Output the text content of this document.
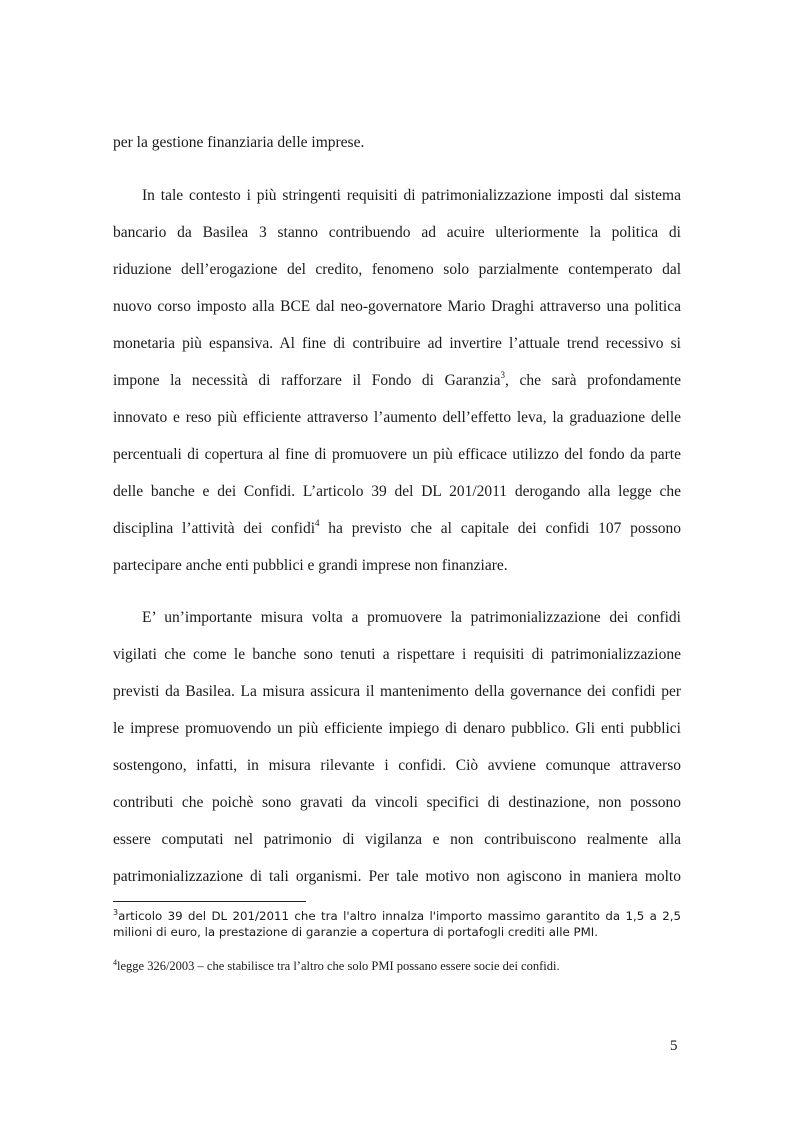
per la gestione finanziaria delle imprese.
In tale contesto i più stringenti requisiti di patrimonializzazione imposti dal sistema
bancario da Basilea 3 stanno contribuendo ad acuire ulteriormente la politica di
riduzione dell’erogazione del credito, fenomeno solo parzialmente contemperato dal
nuovo corso imposto alla BCE dal neo-governatore Mario Draghi attraverso una politica
monetaria più espansiva. Al fine di contribuire ad invertire l’attuale trend recessivo si
impone la necessità di rafforzare il Fondo di Garanzia$^3$, che sarà profondamente
innovato e reso più efficiente attraverso l’aumento dell’effetto leva, la graduazione delle
percentuali di copertura al fine di promuovere un più efficace utilizzo del fondo da parte
delle banche e dei Confidi. L’articolo 39 del DL 201/2011 derogando alla legge che
disciplina l’attività dei confidi$^4$ ha previsto che al capitale dei confidi 107 possono
partecipare anche enti pubblici e grandi imprese non finanziare.
E’ un’importante misura volta a promuovere la patrimonializzazione dei confidi
vigilati che come le banche sono tenuti a rispettare i requisiti di patrimonializzazione
previsti da Basilea. La misura assicura il mantenimento della governance dei confidi per
le imprese promuovendo un più efficiente impiego di denaro pubblico. Gli enti pubblici
sostengono, infatti, in misura rilevante i confidi. Ciò avviene comunque attraverso
contributi che poichè sono gravati da vincoli specifici di destinazione, non possono
essere computati nel patrimonio di vigilanza e non contribuiscono realmente alla
patrimonializzazione di tali organismi. Per tale motivo non agiscono in maniera molto
$^3$articolo 39 del DL 201/2011 che tra l'altro innalza l'importo massimo garantito da 1,5 a 2,5
milioni di euro, la prestazione di garanzie a copertura di portafogli crediti alle PMI.
$^4$legge 326/2003 – che stabilisce tra l’altro che solo PMI possano essere socie dei confidi.
5
